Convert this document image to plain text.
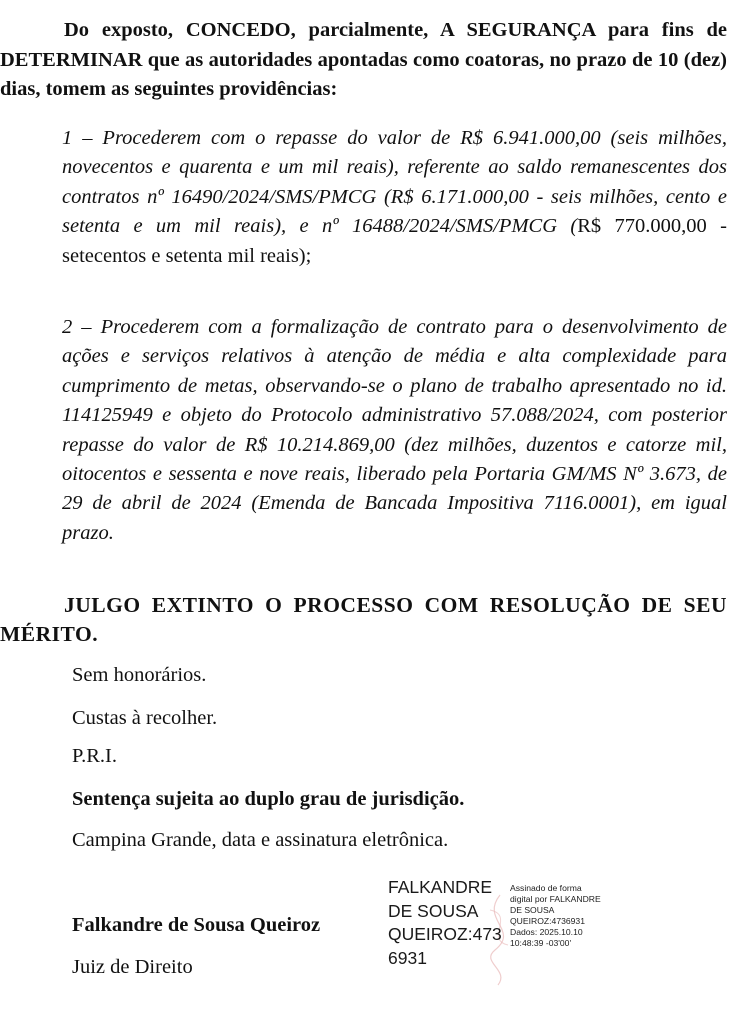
Do exposto, CONCEDO, parcialmente, A SEGURANÇA para fins de DETERMINAR que as autoridades apontadas como coatoras, no prazo de 10 (dez) dias, tomem as seguintes providências:

1 – Procederem com o repasse do valor de R$ 6.941.000,00 (seis milhões, novecentos e quarenta e um mil reais), referente ao saldo remanescentes dos contratos nº 16490/2024/SMS/PMCG (R$ 6.171.000,00 - seis milhões, cento e setenta e um mil reais), e nº 16488/2024/SMS/PMCG (R$ 770.000,00 - setecentos e setenta mil reais);

2 – Procederem com a formalização de contrato para o desenvolvimento de ações e serviços relativos à atenção de média e alta complexidade para cumprimento de metas, observando-se o plano de trabalho apresentado no id. 114125949 e objeto do Protocolo administrativo 57.088/2024, com posterior repasse do valor de R$ 10.214.869,00 (dez milhões, duzentos e catorze mil, oitocentos e sessenta e nove reais, liberado pela Portaria GM/MS Nº 3.673, de 29 de abril de 2024 (Emenda de Bancada Impositiva 7116.0001), em igual prazo.

JULGO EXTINTO O PROCESSO COM RESOLUÇÃO DE SEU MÉRITO.

Sem honorários.

Custas à recolher.

P.R.I.

Sentença sujeita ao duplo grau de jurisdição.

Campina Grande, data e assinatura eletrônica.

Falkandre de Sousa Queiroz
Juiz de Direito
FALKANDRE
DE SOUSA
QUEIROZ:473
6931
Assinado de forma
digital por FALKANDRE
DE SOUSA
QUEIROZ:4736931
Dados: 2025.10.10
10:48:39 -03'00'
